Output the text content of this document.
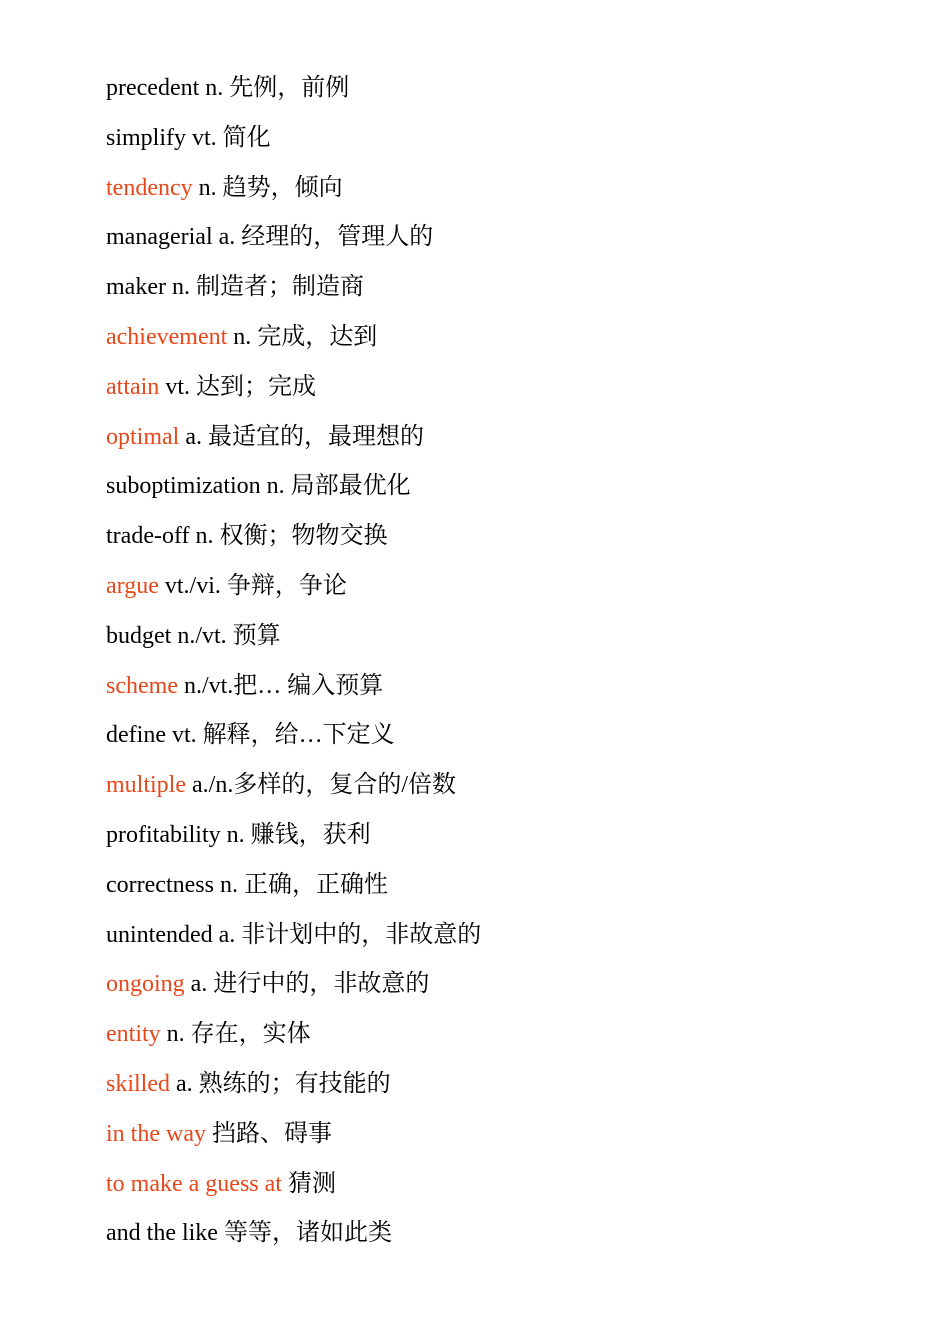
precedent n. 先例，前例
simplify vt. 简化
tendency n. 趋势，倾向
managerial a. 经理的，管理人的
maker n. 制造者；制造商
achievement n. 完成，达到
attain vt. 达到；完成
optimal a. 最适宜的，最理想的
suboptimization n. 局部最优化
trade-off n. 权衡；物物交换
argue vt./vi. 争辩，争论
budget n./vt. 预算
scheme n./vt.把… 编入预算
define vt. 解释，给…下定义
multiple a./n.多样的，复合的/倍数
profitability n. 赚钱，获利
correctness n. 正确，正确性
unintended a. 非计划中的，非故意的
ongoing a. 进行中的，非故意的
entity n. 存在，实体
skilled a. 熟练的；有技能的
in the way 挡路、碍事
to make a guess at 猜测
and the like 等等，诸如此类
